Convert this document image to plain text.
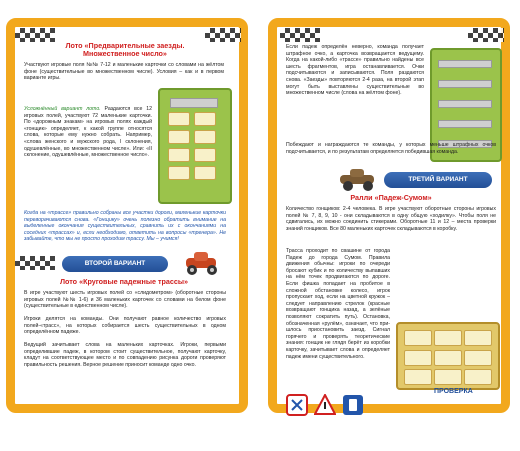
Лото «Предварительные заезды.
Множественное число»
Участвуют игровые поля №№ 7-12 и маленькие карточки со словами на жёлтом фоне (существительные во множественном числе). Условия – как и в первом варианте игры.
Усложнённый вариант лото. Раздаются все 12 игровых полей, участвуют 72 маленькие карточки. По «дорожным знакам» на игровых полях каждый «гонщик» определяет, к какой группе относятся слова, которые ему нужно собрать. Например, «слова женского и мужского рода, I склонения, одушевлённые, во множественном числе». Или: «II склонение, одушевлённые, множественное число».
Когда на «трассе» правильно собраны все участки дороги, маленькие карточки переворачиваются снова. «Гонщику» очень полезно обратить внимание на выделенные окончания существительных, сравнить их с окончаниями на соседних «трассах» и, если необходимо, ответить на вопросы «тренера». Не забывайте, что мы не просто проходим трассу. Мы – учимся!
ВТОРОЙ ВАРИАНТ
Лото «Круговые падежные трассы»
В игре участвуют шесть игровых полей со «слидометром» (оборотные стороны игровых полей №№ 1-6) и 36 маленьких карточек со словами на белом фоне (существительные в единственном числе).
Игроки делятся на команды. Они получают равное количество игровых полей-«трасс», на которых собирается шесть существительных в одном определённом падеже.
Ведущий зачитывает слова на маленьких карточках. Игроки, первыми определившие падеж, в котором стоит существительное, получают карточку, кладут на соответствующее место и по совпадению рисунка дороги проверяют правильность решения. Верное решение приносит команде одно очко.
Если падеж определён неверно, команда получает штрафное очко, а карточка возвращается ведущему. Когда на какой-либо «трассе» правильно найдены все шесть фрагментов, игра останавливается. Очки подсчитываются и записываются. Поля раздаются снова. «Заезды» повторяются 2-4 раза, на второй этап могут быть выставлены существительные во множественном числе (слова на жёлтом фоне).
Побеждают и награждаются те команды, у которых меньше штрафных очков подсчитывается, и по результатам определяется победившая команда.
ТРЕТИЙ ВАРИАНТ
Ралли «Падеж-Сумом»
Количество гонщиков: 2-4 человека. В игре участвуют оборотные стороны игровых полей № 7, 8, 9, 10 - они складываются в одну общую «ходилку». Чтобы поля не сдвигались, их можно соединить стикерами. Оборотные 11 и 12 – места проверки знаний гонщиков. Все 80 маленьких карточек складываются в коробку.
Трасса проходит по свашине от города Падеж до города Сумом. Правила движения обычны: игроки по очереди бросают кубик и по количеству выпавших на нём точек продвигаются по дороге. Если фишка попадает на пробитое в сложной обстановке колесо, игрок пропускает ход, если на цветной кружок – следует направлению стрелок (красные возвращают гонщика назад, а зелёные позволяют сократить путь). Остановка, обозначенная «рулём», означает, что при-шлось приостановить заезд. Сигнал горячего и проверять теоретические знания: гонщик не глядя берёт из коробки карточку, зачитывает слова и определяет падеж имени существительного.
ПРОВЕРКА
